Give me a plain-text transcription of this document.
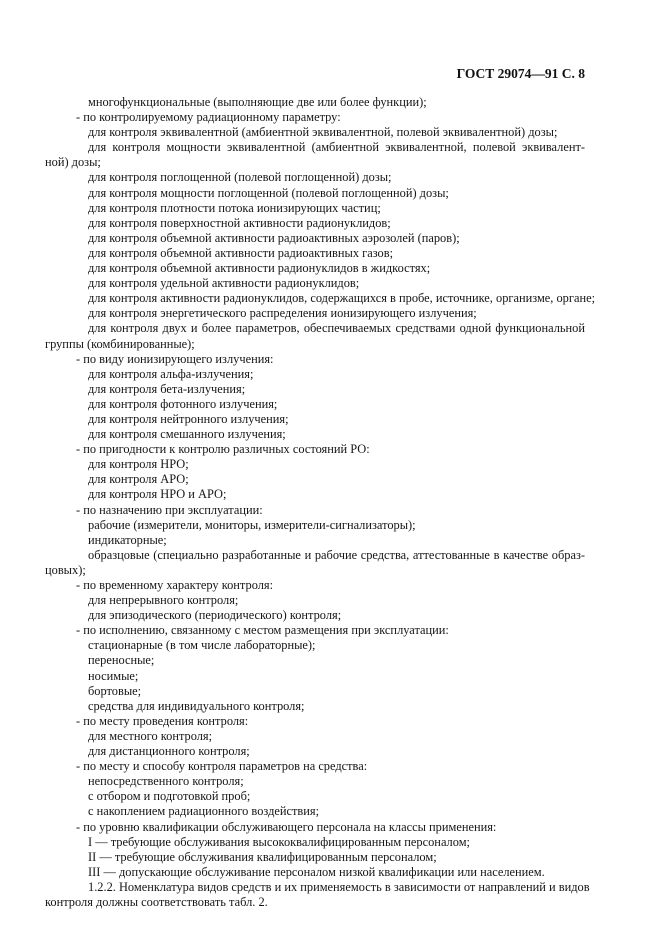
ГОСТ 29074—91 С. 8
многофункциональные (выполняющие две или более функции);
- по контролируемому радиационному параметру:
для контроля эквивалентной (амбиентной эквивалентной, полевой эквивалентной) дозы;
для контроля мощности эквивалентной (амбиентной эквивалентной, полевой эквивалент-
ной) дозы;
для контроля поглощенной (полевой поглощенной) дозы;
для контроля мощности поглощенной (полевой поглощенной) дозы;
для контроля плотности потока ионизирующих частиц;
для контроля поверхностной активности радионуклидов;
для контроля объемной активности радиоактивных аэрозолей (паров);
для контроля объемной активности радиоактивных газов;
для контроля объемной активности радионуклидов в жидкостях;
для контроля удельной активности радионуклидов;
для контроля активности радионуклидов, содержащихся в пробе, источнике, организме, органе;
для контроля энергетического распределения ионизирующего излучения;
для контроля двух и более параметров, обеспечиваемых средствами одной функциональной
группы (комбинированные);
- по виду ионизирующего излучения:
для контроля альфа-излучения;
для контроля бета-излучения;
для контроля фотонного излучения;
для контроля нейтронного излучения;
для контроля смешанного излучения;
- по пригодности к контролю различных состояний РО:
для контроля НРО;
для контроля АРО;
для контроля НРО и АРО;
- по назначению при эксплуатации:
рабочие (измерители, мониторы, измерители-сигнализаторы);
индикаторные;
образцовые (специально разработанные и рабочие средства, аттестованные в качестве образ-
цовых);
- по временному характеру контроля:
для непрерывного контроля;
для эпизодического (периодического) контроля;
- по исполнению, связанному с местом размещения при эксплуатации:
стационарные (в том числе лабораторные);
переносные;
носимые;
бортовые;
средства для индивидуального контроля;
- по месту проведения контроля:
для местного контроля;
для дистанционного контроля;
- по месту и способу контроля параметров на средства:
непосредственного контроля;
с отбором и подготовкой проб;
с накоплением радиационного воздействия;
- по уровню квалификации обслуживающего персонала на классы применения:
I — требующие обслуживания высококвалифицированным персоналом;
II — требующие обслуживания квалифицированным персоналом;
III — допускающие обслуживание персоналом низкой квалификации или населением.
1.2.2. Номенклатура видов средств и их применяемость в зависимости от направлений и видов
контроля должны соответствовать табл. 2.
